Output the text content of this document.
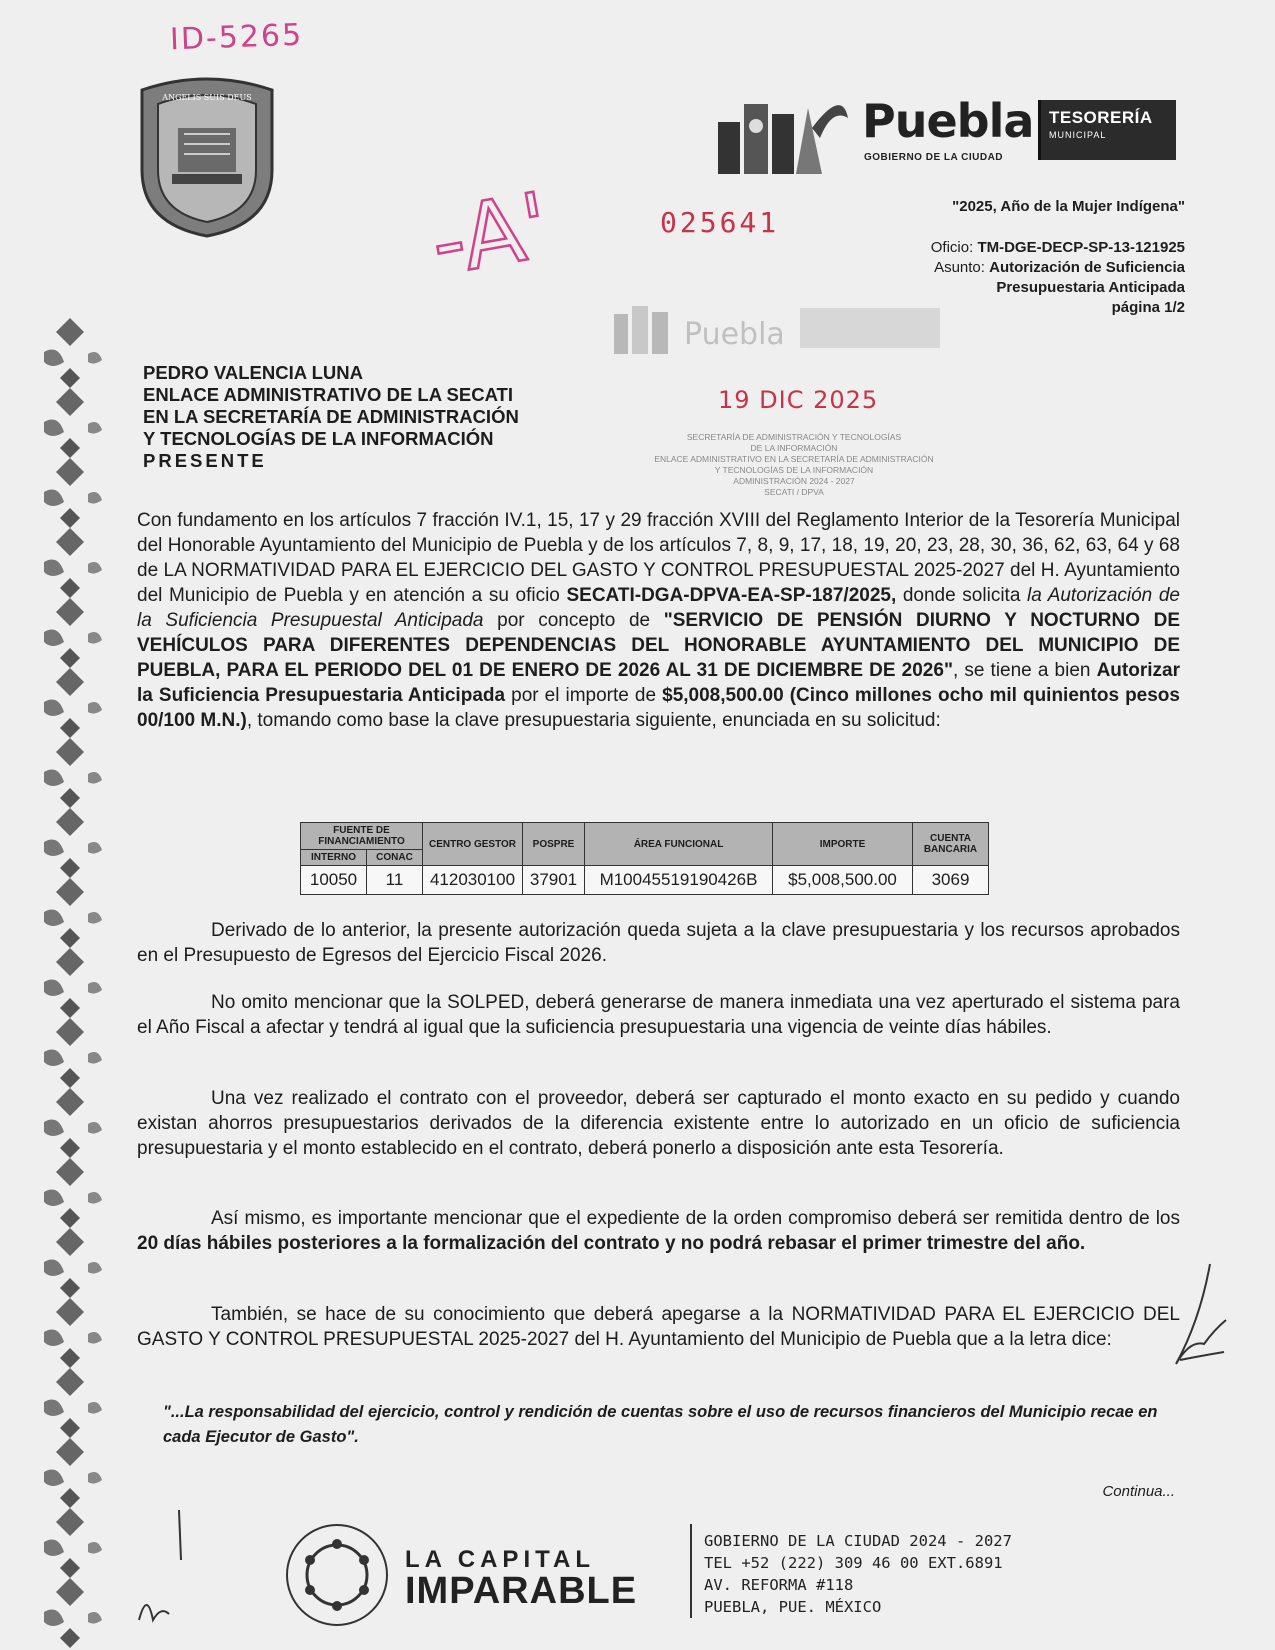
ID-5265
ANGELIS SUIS DEUS	Puebla
GOBIERNO DE LA CIUDAD
TESORERÍA
MUNICIPAL
"2025, Año de la Mujer Indígena"
Oficio: TM-DGE-DECP-SP-13-121925
Asunto: Autorización de Suficiencia
Presupuestaria Anticipada
página 1/2
025641
-A'
Puebla
19 DIC 2025
SECRETARÍA DE ADMINISTRACIÓN Y TECNOLOGÍAS
DE LA INFORMACIÓN
ENLACE ADMINISTRATIVO EN LA SECRETARÍA DE ADMINISTRACIÓN
Y TECNOLOGÍAS DE LA INFORMACIÓN
ADMINISTRACIÓN 2024 - 2027
SECATI / DPVA
PEDRO VALENCIA LUNA
ENLACE ADMINISTRATIVO DE LA SECATI
EN LA SECRETARÍA DE ADMINISTRACIÓN
Y TECNOLOGÍAS DE LA INFORMACIÓN
PRESENTE
Con fundamento en los artículos 7 fracción IV.1, 15, 17 y 29 fracción XVIII del Reglamento Interior de la Tesorería Municipal del Honorable Ayuntamiento del Municipio de Puebla y de los artículos 7, 8, 9, 17, 18, 19, 20, 23, 28, 30, 36, 62, 63, 64 y 68 de LA NORMATIVIDAD PARA EL EJERCICIO DEL GASTO Y CONTROL PRESUPUESTAL 2025-2027 del H. Ayuntamiento del Municipio de Puebla y en atención a su oficio SECATI-DGA-DPVA-EA-SP-187/2025, donde solicita la Autorización de la Suficiencia Presupuestal Anticipada por concepto de "SERVICIO DE PENSIÓN DIURNO Y NOCTURNO DE VEHÍCULOS PARA DIFERENTES DEPENDENCIAS DEL HONORABLE AYUNTAMIENTO DEL MUNICIPIO DE PUEBLA, PARA EL PERIODO DEL 01 DE ENERO DE 2026 AL 31 DE DICIEMBRE DE 2026", se tiene a bien Autorizar la Suficiencia Presupuestaria Anticipada por el importe de $5,008,500.00 (Cinco millones ocho mil quinientos pesos 00/100 M.N.), tomando como base la clave presupuestaria siguiente, enunciada en su solicitud:
FUENTE DE FINANCIAMIENTO		CENTRO GESTOR	POSPRE	ÁREA FUNCIONAL	IMPORTE	CUENTA BANCARIA
INTERNO	CONAC					
10050	11	412030100	37901	M10045519190426B	$5,008,500.00	3069
Derivado de lo anterior, la presente autorización queda sujeta a la clave presupuestaria y los recursos aprobados en el Presupuesto de Egresos del Ejercicio Fiscal 2026.
No omito mencionar que la SOLPED, deberá generarse de manera inmediata una vez aperturado el sistema para el Año Fiscal a afectar y tendrá al igual que la suficiencia presupuestaria una vigencia de veinte días hábiles.
Una vez realizado el contrato con el proveedor, deberá ser capturado el monto exacto en su pedido y cuando existan ahorros presupuestarios derivados de la diferencia existente entre lo autorizado en un oficio de suficiencia presupuestaria y el monto establecido en el contrato, deberá ponerlo a disposición ante esta Tesorería.
Así mismo, es importante mencionar que el expediente de la orden compromiso deberá ser remitida dentro de los 20 días hábiles posteriores a la formalización del contrato y no podrá rebasar el primer trimestre del año.
También, se hace de su conocimiento que deberá apegarse a la NORMATIVIDAD PARA EL EJERCICIO DEL GASTO Y CONTROL PRESUPUESTAL 2025-2027 del H. Ayuntamiento del Municipio de Puebla que a la letra dice:
"...La responsabilidad del ejercicio, control y rendición de cuentas sobre el uso de recursos financieros del Municipio recae en cada Ejecutor de Gasto".
Continua...
LA CAPITAL
IMPARABLE
GOBIERNO DE LA CIUDAD 2024 - 2027
TEL +52 (222) 309 46 00 EXT.6891
AV. REFORMA #118
PUEBLA, PUE. MÉXICO
